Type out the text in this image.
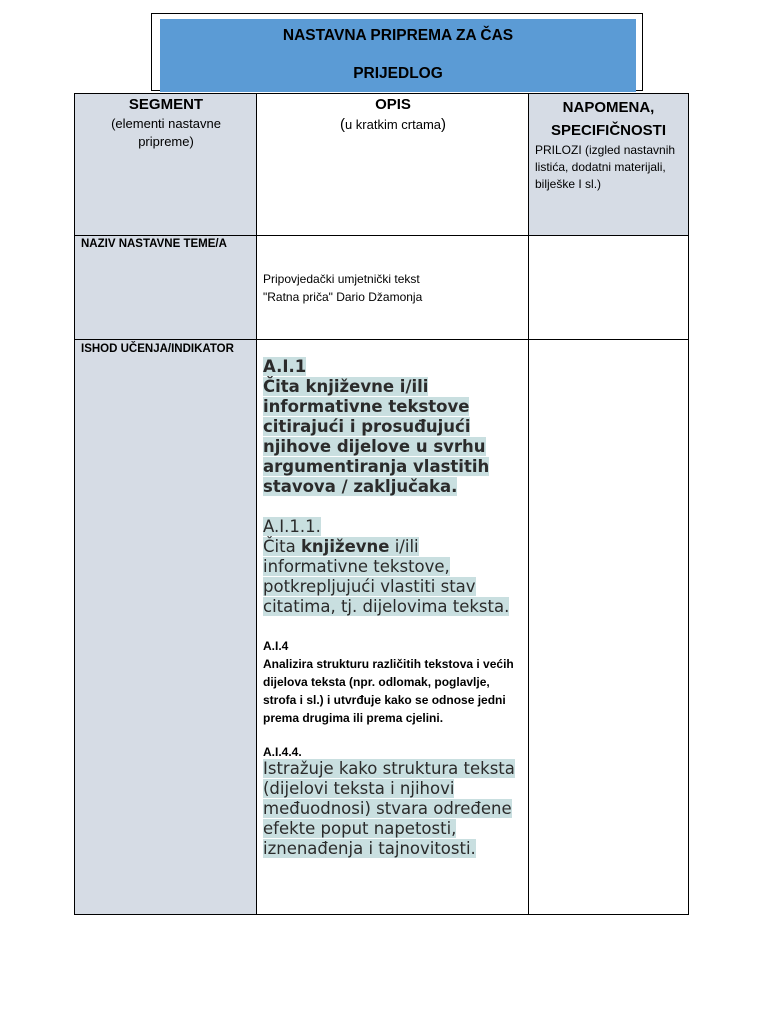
NASTAVNA PRIPREMA ZA ČAS
PRIJEDLOG
SEGMENT
(elementi nastavne pripreme)
OPIS
(u kratkim crtama)
NAPOMENA, SPECIFIČNOSTI
PRILOZI (izgled nastavnih listića, dodatni materijali, bilješke I sl.)
NAZIV NASTAVNE TEME/A
Pripovjedački umjetnički tekst
"Ratna priča" Dario Džamonja
ISHOD UČENJA/INDIKATOR
A.I.1
Čita književne i/ili informativne tekstove citirajući i prosuđujući njihove dijelove u svrhu argumentiranja vlastitih stavova / zaključaka.
A.I.1.1.
Čita književne i/ili informativne tekstove, potkrepljujući vlastiti stav citatima, tj. dijelovima teksta.
A.I.4
Analizira strukturu različitih tekstova i većih dijelova teksta (npr. odlomak, poglavlje, strofa i sl.) i utvrđuje kako se odnose jedni prema drugima ili prema cjelini.
A.I.4.4.
Istražuje kako struktura teksta (dijelovi teksta i njihovi međuodnosi) stvara određene efekte poput napetosti, iznenađenja i tajnovitosti.
